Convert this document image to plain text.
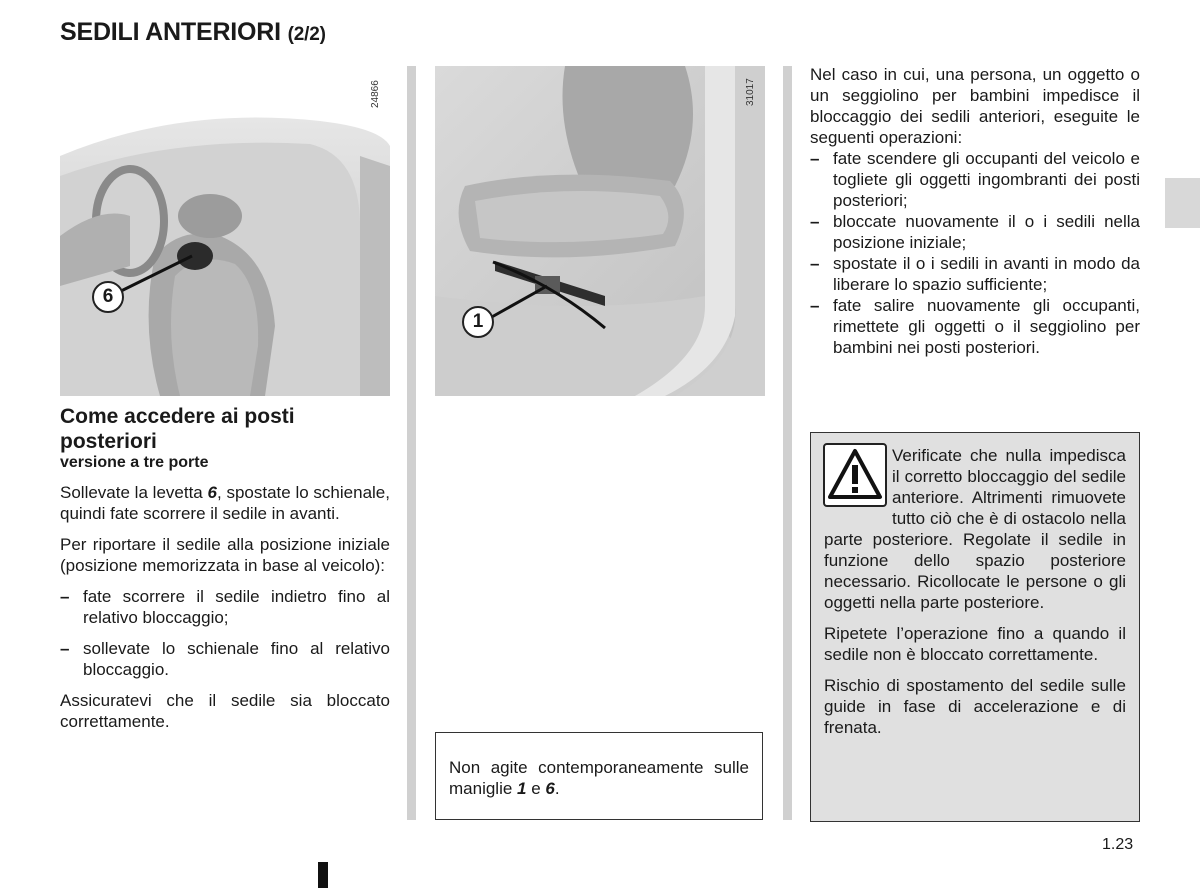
SEDILI ANTERIORI (2/2)
6
24866
1
31017
Come accedere ai posti posteriori
versione a tre porte

Sollevate la levetta 6, spostate lo schienale, quindi fate scorrere il sedile in avanti.

Per riportare il sedile alla posizione iniziale (posizione memorizzata in base al veicolo):

– fate scorrere il sedile indietro fino al relativo bloccaggio;
– sollevate lo schienale fino al relativo bloccaggio.

Assicuratevi che il sedile sia bloccato correttamente.

Non agite contemporaneamente sulle maniglie 1 e 6.

Nel caso in cui, una persona, un oggetto o un seggiolino per bambini impedisce il bloccaggio dei sedili anteriori, eseguite le seguenti operazioni:

– fate scendere gli occupanti del veicolo e togliete gli oggetti ingombranti dei posti posteriori;
– bloccate nuovamente il o i sedili nella posizione iniziale;
– spostate il o i sedili in avanti in modo da liberare lo spazio sufficiente;
– fate salire nuovamente gli occupanti, rimettete gli oggetti o il seggiolino per bambini nei posti posteriori.

Verificate che nulla impedisca il corretto bloccaggio del sedile anteriore. Altrimenti rimuovete tutto ciò che è di ostacolo nella parte posteriore. Regolate il sedile in funzione dello spazio posteriore necessario. Ricollocate le persone o gli oggetti nella parte posteriore.

Ripetete l’operazione fino a quando il sedile non è bloccato correttamente.

Rischio di spostamento del sedile sulle guide in fase di accelerazione e di frenata.

1.23
